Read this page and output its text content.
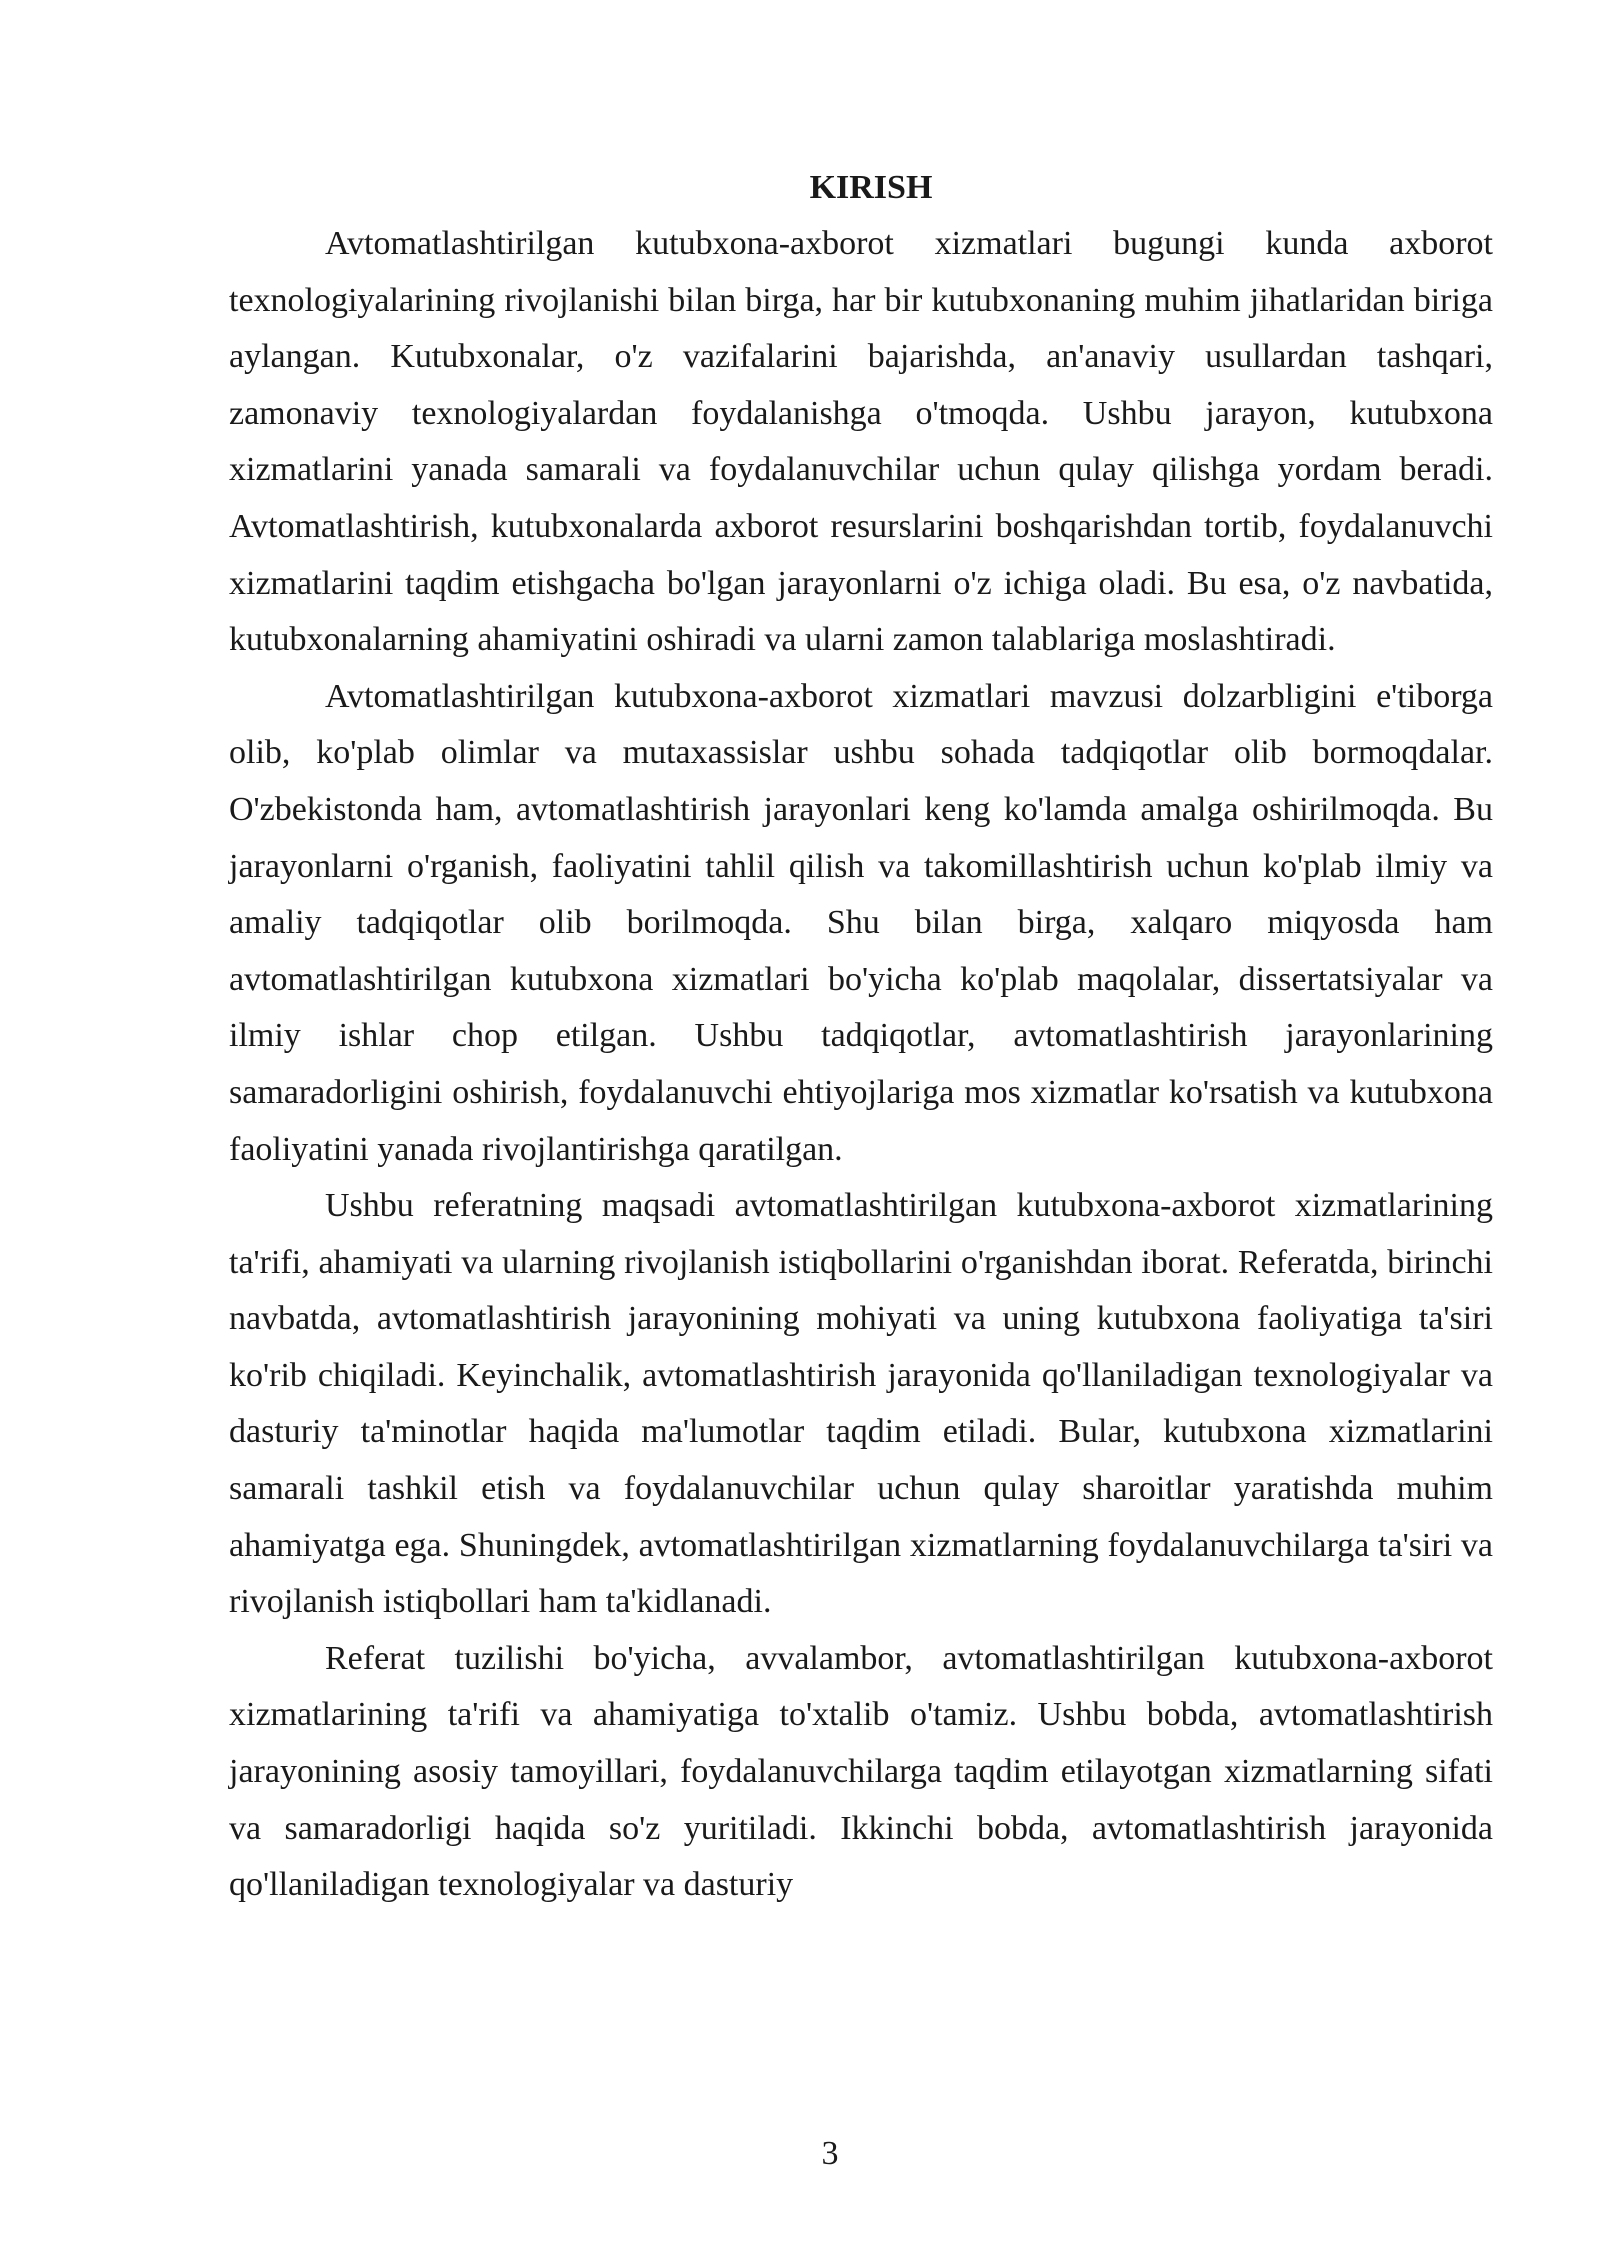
KIRISH

Avtomatlashtirilgan kutubxona-axborot xizmatlari bugungi kunda axborot texnologiyalarining rivojlanishi bilan birga, har bir kutubxonaning muhim jihatlaridan biriga aylangan. Kutubxonalar, o'z vazifalarini bajarishda, an'anaviy usullardan tashqari, zamonaviy texnologiyalardan foydalanishga o'tmoqda. Ushbu jarayon, kutubxona xizmatlarini yanada samarali va foydalanuvchilar uchun qulay qilishga yordam beradi. Avtomatlashtirish, kutubxonalarda axborot resurslarini boshqarishdan tortib, foydalanuvchi xizmatlarini taqdim etishgacha bo'lgan jarayonlarni o'z ichiga oladi. Bu esa, o'z navbatida, kutubxonalarning ahamiyatini oshiradi va ularni zamon talablariga moslashtiradi.

Avtomatlashtirilgan kutubxona-axborot xizmatlari mavzusi dolzarbligini e'tiborga olib, ko'plab olimlar va mutaxassislar ushbu sohada tadqiqotlar olib bormoqdalar. O'zbekistonda ham, avtomatlashtirish jarayonlari keng ko'lamda amalga oshirilmoqda. Bu jarayonlarni o'rganish, faoliyatini tahlil qilish va takomillashtirish uchun ko'plab ilmiy va amaliy tadqiqotlar olib borilmoqda. Shu bilan birga, xalqaro miqyosda ham avtomatlashtirilgan kutubxona xizmatlari bo'yicha ko'plab maqolalar, dissertatsiyalar va ilmiy ishlar chop etilgan. Ushbu tadqiqotlar, avtomatlashtirish jarayonlarining samaradorligini oshirish, foydalanuvchi ehtiyojlariga mos xizmatlar ko'rsatish va kutubxona faoliyatini yanada rivojlantirishga qaratilgan.

Ushbu referatning maqsadi avtomatlashtirilgan kutubxona-axborot xizmatlarining ta'rifi, ahamiyati va ularning rivojlanish istiqbollarini o'rganishdan iborat. Referatda, birinchi navbatda, avtomatlashtirish jarayonining mohiyati va uning kutubxona faoliyatiga ta'siri ko'rib chiqiladi. Keyinchalik, avtomatlashtirish jarayonida qo'llaniladigan texnologiyalar va dasturiy ta'minotlar haqida ma'lumotlar taqdim etiladi. Bular, kutubxona xizmatlarini samarali tashkil etish va foydalanuvchilar uchun qulay sharoitlar yaratishda muhim ahamiyatga ega. Shuningdek, avtomatlashtirilgan xizmatlarning foydalanuvchilarga ta'siri va rivojlanish istiqbollari ham ta'kidlanadi.

Referat tuzilishi bo'yicha, avvalambor, avtomatlashtirilgan kutubxona-axborot xizmatlarining ta'rifi va ahamiyatiga to'xtalib o'tamiz. Ushbu bobda, avtomatlashtirish jarayonining asosiy tamoyillari, foydalanuvchilarga taqdim etilayotgan xizmatlarning sifati va samaradorligi haqida so'z yuritiladi. Ikkinchi bobda, avtomatlashtirish jarayonida qo'llaniladigan texnologiyalar va dasturiy

3
